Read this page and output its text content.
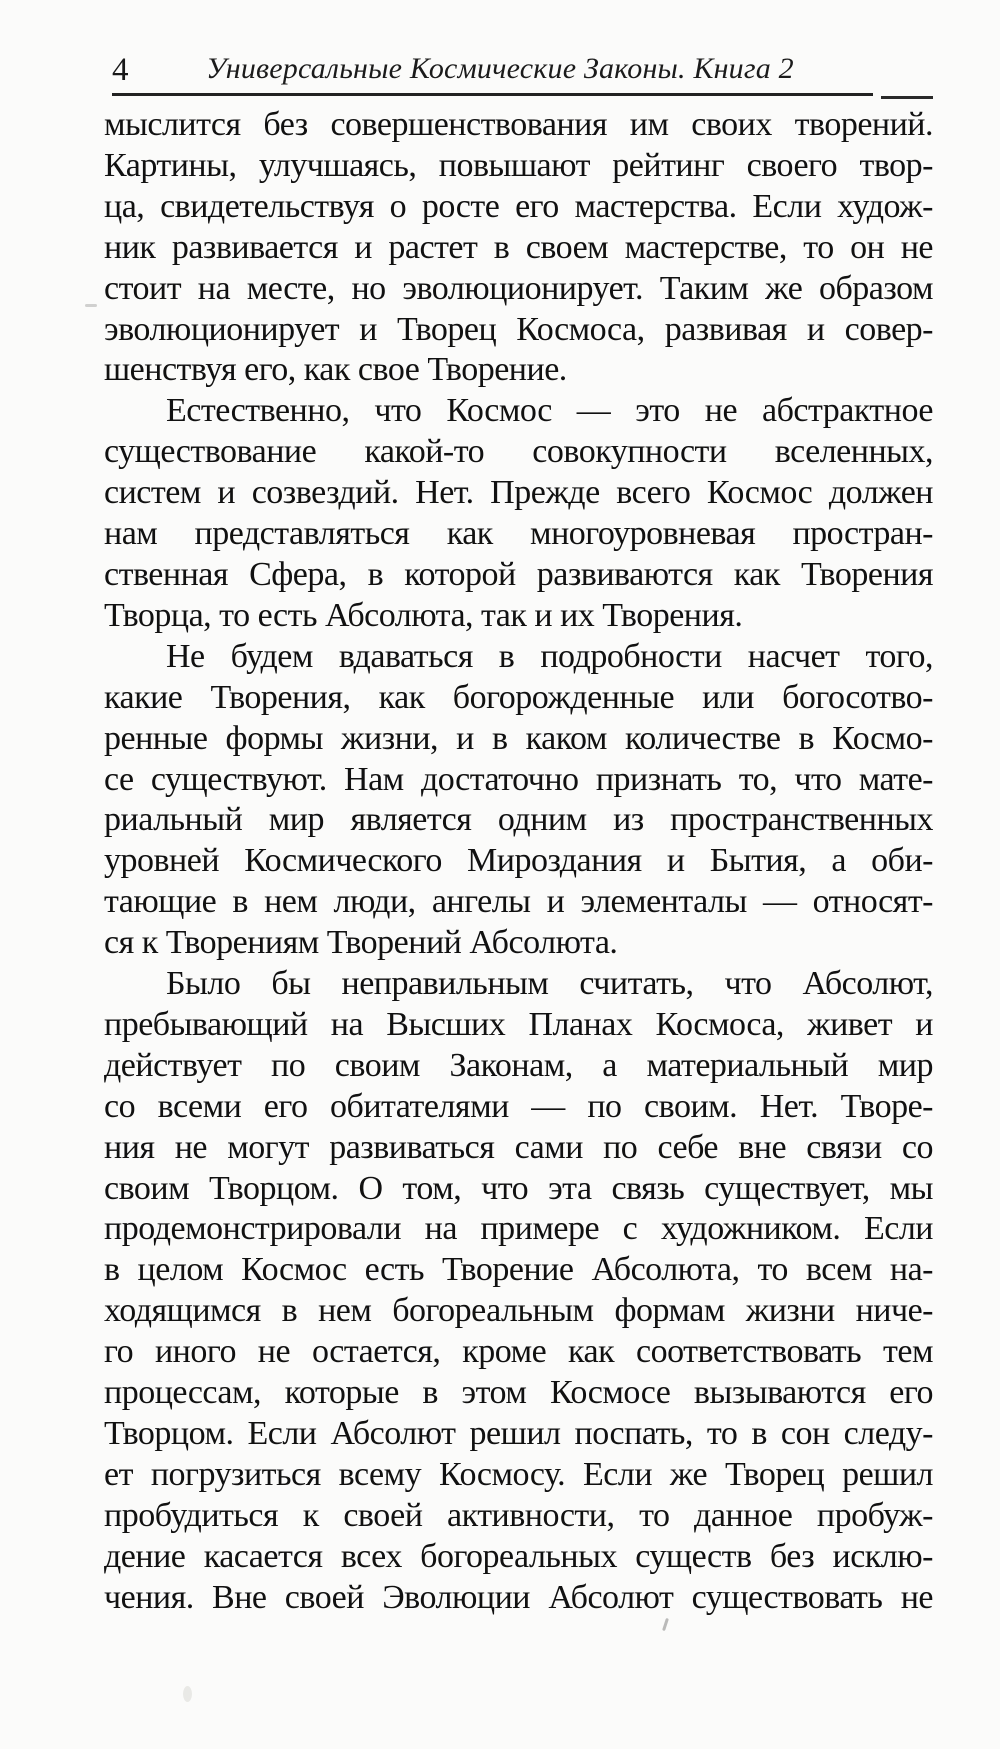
4	Универсальные Космические Законы. Книга 2
мыслится без совершенствования им своих творений.
Картины, улучшаясь, повышают рейтинг своего твор-
ца, свидетельствуя о росте его мастерства. Если худож-
ник развивается и растет в своем мастерстве, то он не
стоит на месте, но эволюционирует. Таким же образом
эволюционирует и Творец Космоса, развивая и совер-
шенствуя его, как свое Творение.
Естественно, что Космос — это не абстрактное
существование какой-то совокупности вселенных,
систем и созвездий. Нет. Прежде всего Космос должен
нам представляться как многоуровневая простран-
ственная Сфера, в которой развиваются как Творения
Творца, то есть Абсолюта, так и их Творения.
Не будем вдаваться в подробности насчет того,
какие Творения, как богорожденные или богосотво-
ренные формы жизни, и в каком количестве в Космо-
се существуют. Нам достаточно признать то, что мате-
риальный мир является одним из пространственных
уровней Космического Мироздания и Бытия, а оби-
тающие в нем люди, ангелы и элементалы — относят-
ся к Творениям Творений Абсолюта.
Было бы неправильным считать, что Абсолют,
пребывающий на Высших Планах Космоса, живет и
действует по своим Законам, а материальный мир
со всеми его обитателями — по своим. Нет. Творе-
ния не могут развиваться сами по себе вне связи со
своим Творцом. О том, что эта связь существует, мы
продемонстрировали на примере с художником. Если
в целом Космос есть Творение Абсолюта, то всем на-
ходящимся в нем богореальным формам жизни ниче-
го иного не остается, кроме как соответствовать тем
процессам, которые в этом Космосе вызываются его
Творцом. Если Абсолют решил поспать, то в сон следу-
ет погрузиться всему Космосу. Если же Творец решил
пробудиться к своей активности, то данное пробуж-
дение касается всех богореальных существ без исклю-
чения. Вне своей Эволюции Абсолют существовать не
